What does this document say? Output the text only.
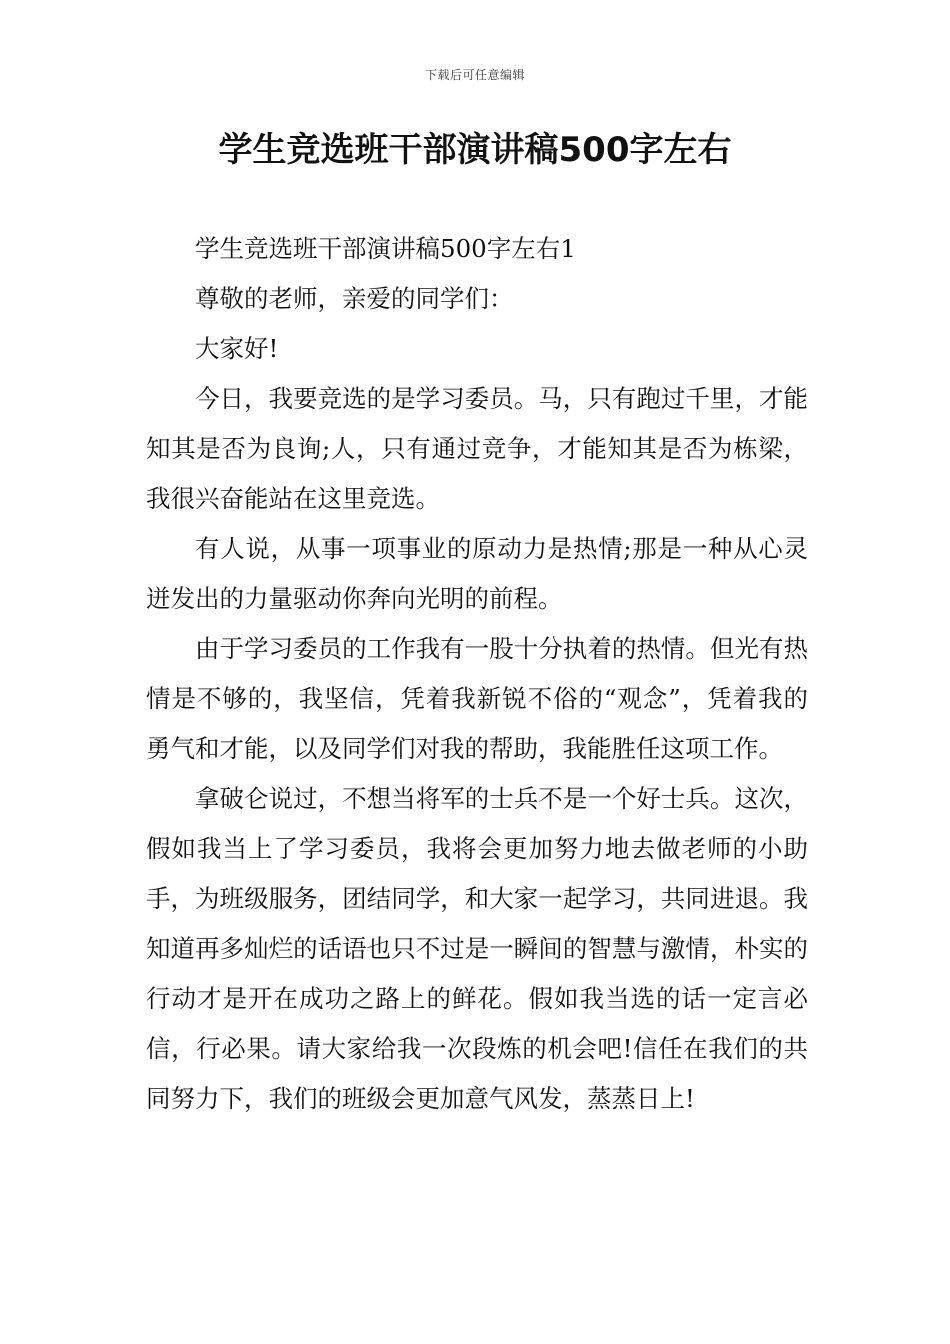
下载后可任意编辑
学生竞选班干部演讲稿500字左右

学生竞选班干部演讲稿500字左右1

尊敬的老师，亲爱的同学们：

大家好!

今日，我要竞选的是学习委员。马，只有跑过千里，才能知其是否为良询;人，只有通过竞争，才能知其是否为栋梁，我很兴奋能站在这里竞选。

有人说，从事一项事业的原动力是热情;那是一种从心灵迸发出的力量驱动你奔向光明的前程。

由于学习委员的工作我有一股十分执着的热情。但光有热情是不够的，我坚信，凭着我新锐不俗的“观念”，凭着我的勇气和才能，以及同学们对我的帮助，我能胜任这项工作。

拿破仑说过，不想当将军的士兵不是一个好士兵。这次，假如我当上了学习委员，我将会更加努力地去做老师的小助手，为班级服务，团结同学，和大家一起学习，共同进退。我知道再多灿烂的话语也只不过是一瞬间的智慧与激情，朴实的行动才是开在成功之路上的鲜花。假如我当选的话一定言必信，行必果。请大家给我一次段炼的机会吧!信任在我们的共同努力下，我们的班级会更加意气风发，蒸蒸日上!
